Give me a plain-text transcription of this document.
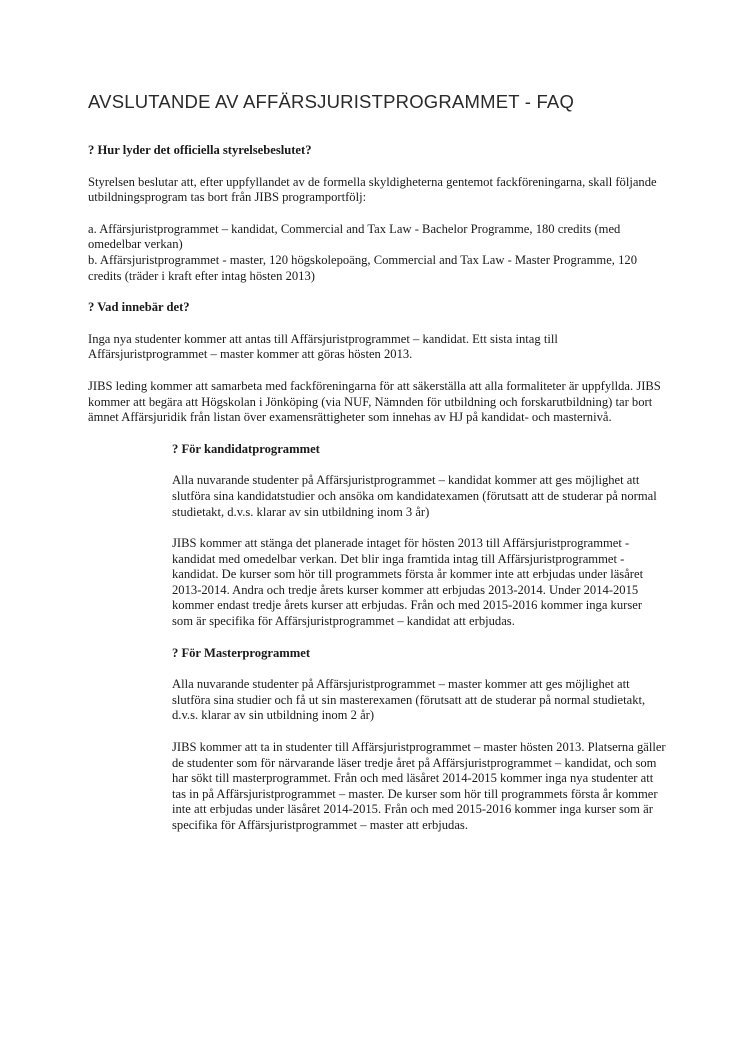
AVSLUTANDE AV AFFÄRSJURISTPROGRAMMET - FAQ

? Hur lyder det officiella styrelsebeslutet?

Styrelsen beslutar att, efter uppfyllandet av de formella skyldigheterna gentemot fackföreningarna, skall följande utbildningsprogram tas bort från JIBS programportfölj:

a. Affärsjuristprogrammet – kandidat, Commercial and Tax Law - Bachelor Programme, 180 credits (med omedelbar verkan)

b. Affärsjuristprogrammet - master, 120 högskolepoäng, Commercial and Tax Law - Master Programme, 120 credits (träder i kraft efter intag hösten 2013)

? Vad innebär det?

Inga nya studenter kommer att antas till Affärsjuristprogrammet – kandidat. Ett sista intag till Affärsjuristprogrammet – master kommer att göras hösten 2013.

JIBS leding kommer att samarbeta med fackföreningarna för att säkerställa att alla formaliteter är uppfyllda. JIBS kommer att begära att Högskolan i Jönköping (via NUF, Nämnden för utbildning och forskarutbildning) tar bort ämnet Affärsjuridik från listan över examensrättigheter som innehas av HJ på kandidat- och masternivå.

? För kandidatprogrammet

Alla nuvarande studenter på Affärsjuristprogrammet – kandidat kommer att ges möjlighet att slutföra sina kandidatstudier och ansöka om kandidatexamen (förutsatt att de studerar på normal studietakt, d.v.s. klarar av sin utbildning inom 3 år)

JIBS kommer att stänga det planerade intaget för hösten 2013 till Affärsjuristprogrammet - kandidat med omedelbar verkan. Det blir inga framtida intag till Affärsjuristprogrammet - kandidat. De kurser som hör till programmets första år kommer inte att erbjudas under läsåret 2013-2014. Andra och tredje årets kurser kommer att erbjudas 2013-2014. Under 2014-2015 kommer endast tredje årets kurser att erbjudas. Från och med 2015-2016 kommer inga kurser som är specifika för Affärsjuristprogrammet – kandidat att erbjudas.

? För Masterprogrammet

Alla nuvarande studenter på Affärsjuristprogrammet – master kommer att ges möjlighet att slutföra sina studier och få ut sin masterexamen (förutsatt att de studerar på normal studietakt, d.v.s. klarar av sin utbildning inom 2 år)

JIBS kommer att ta in studenter till Affärsjuristprogrammet – master hösten 2013. Platserna gäller de studenter som för närvarande läser tredje året på Affärsjuristprogrammet – kandidat, och som har sökt till masterprogrammet. Från och med läsåret 2014-2015 kommer inga nya studenter att tas in på Affärsjuristprogrammet – master. De kurser som hör till programmets första år kommer inte att erbjudas under läsåret 2014-2015. Från och med 2015-2016 kommer inga kurser som är specifika för Affärsjuristprogrammet – master att erbjudas.
